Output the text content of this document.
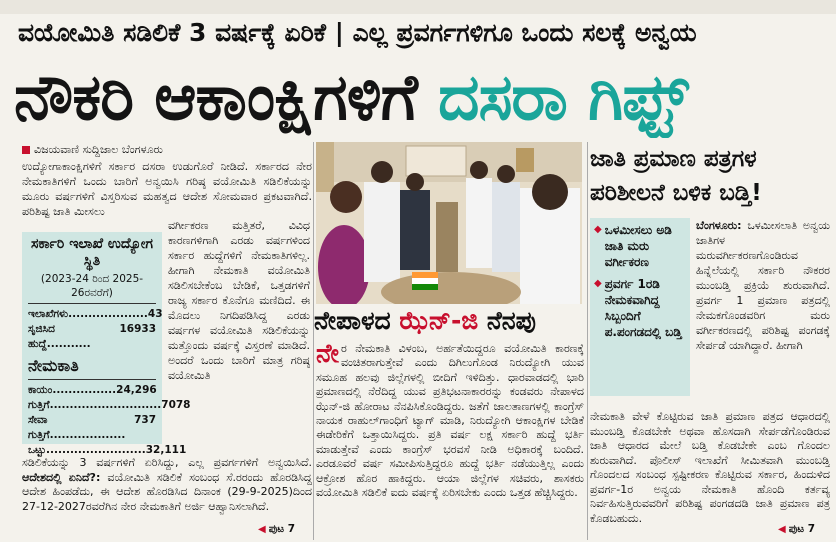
ವಯೋಮಿತಿ ಸಡಿಲಿಕೆ 3 ವರ್ಷಕ್ಕೆ ಏರಿಕೆ | ಎಲ್ಲ ಪ್ರವರ್ಗಗಳಿಗೂ ಒಂದು ಸಲಕ್ಕೆ ಅನ್ವಯ
ನೌಕರಿ ಆಕಾಂಕ್ಷಿಗಳಿಗೆ ದಸರಾ ಗಿಫ್ಟ್
ವಿಜಯವಾಣಿ ಸುದ್ದಿಜಾಲ ಬೆಂಗಳೂರು
ಉದ್ಯೋಗಾಕಾಂಕ್ಷಿಗಳಿಗೆ ಸರ್ಕಾರ ದಸರಾ ಉಡುಗೊರೆ ನೀಡಿದೆ. ಸರ್ಕಾರದ ನೇರ ನೇಮಕಾತಿಗಳಿಗೆ ಒಂದು ಬಾರಿಗೆ ಅನ್ವಯಿಸಿ ಗರಿಷ್ಠ ವಯೋಮಿತಿ ಸಡಿಲಿಕೆಯನ್ನು ಮೂರು ವರ್ಷಗಳಿಗೆ ವಿಸ್ತರಿಸುವ ಮಹತ್ವದ ಆದೇಶ ಸೋಮವಾರ ಪ್ರಕಟವಾಗಿದೆ. ಪರಿಶಿಷ್ಟ ಜಾತಿ ಮೀಸಲು
ಸರ್ಕಾರಿ ಇಲಾಖೆ ಉದ್ಯೋಗ ಸ್ಥಿತಿ
(2023-24 ರಿಂದ 2025-26ರವರೆಗೆ)
ಇಲಾಖೆಗಳು.................... 43
ಸೃಜಿಸಿದ ಹುದ್ದೆ...........
16933
ನೇಮಕಾತಿ
ಕಾಯಂ................ 24,296
ಗುತ್ತಿಗೆ............................ 7078
ಸೇವಾ ಗುತ್ತಿಗೆ...................
737
ಒಟ್ಟು......................... 32,111
ವರ್ಗೀಕರಣ ಮತ್ತಿತರೆ, ವಿವಿಧ ಕಾರಣಗಳಿಗಾಗಿ ಎರಡು ವರ್ಷಗಳಿಂದ ಸರ್ಕಾರ ಹುದ್ದೆಗಳಿಗೆ ನೇಮಕಾತಿಗಳಿಲ್ಲ. ಹೀಗಾಗಿ ನೇಮಕಾತಿ ವಯೋಮಿತಿ ಸಡಿಲಿಸಬೇಕೆಂಬ ಬೇಡಿಕೆ, ಒತ್ತಡಗಳಿಗೆ ರಾಜ್ಯ ಸರ್ಕಾರ ಕೊನೆಗೂ ಮಣಿದಿದೆ. ಈ ಮೊದಲು ನಿಗದಿಪಡಿಸಿದ್ದ ಎರಡು ವರ್ಷಗಳ ವಯೋಮಿತಿ ಸಡಿಲಿಕೆಯನ್ನು ಮತ್ತೊಂದು ವರ್ಷಕ್ಕೆ ವಿಸ್ತರಣೆ ಮಾಡಿದೆ. ಅಂದರೆ ಒಂದು ಬಾರಿಗೆ ಮಾತ್ರ ಗರಿಷ್ಠ ವಯೋಮಿತಿ
ಸಡಿಲಿಕೆಯನ್ನು 3 ವರ್ಷಗಳಿಗೆ ಏರಿಸಿದ್ದು, ಎಲ್ಲ ಪ್ರವರ್ಗಗಳಿಗೆ ಅನ್ವಯಿಸಿದೆ. ಆದೇಶದಲ್ಲಿ ಏನಿದೆ?: ವಯೋಮಿತಿ ಸಡಿಲಿಕೆ ಸಂಬಂಧ ಸೆ.ರರಂದು ಹೊರಡಿಸಿದ್ದ ಆದೇಶ ಹಿಂಪಡೆದು, ಈ ಆದೇಶ ಹೊರಡಿಸಿದ ದಿನಾಂಕ (29-9-2025)ದಿಂದ 27-12-2027ರವರೆಗಿನ ನೇರ ನೇಮಕಾತಿಗೆ ಅರ್ಜಿ ಆಹ್ವಾನಿಸಲಾಗಿದೆ.
◀ ಪುಟ 7
ನೇಪಾಳದ ಝೆನ್-ಜಿ ನೆನಪು
ನೇ ರ ನೇಮಕಾತಿ ವಿಳಂಬ, ಅರ್ಹತೆಯಿದ್ದರೂ ವಯೋಮಿತಿ ಕಾರಣಕ್ಕೆ ವಂಚಿತರಾಗುತ್ತೇವೆ ಎಂದು ದಿಗಿಲುಗೊಂಡ ನಿರುದ್ಯೋಗಿ ಯುವ ಸಮೂಹ ಹಲವು ಜಿಲ್ಲೆಗಳಲ್ಲಿ ಬೀದಿಗೆ ಇಳಿದಿತ್ತು. ಧಾರವಾಡದಲ್ಲಿ ಭಾರಿ ಪ್ರಮಾಣದಲ್ಲಿ ನೆರೆದಿದ್ದ ಯುವ ಪ್ರತಿಭಟನಾಕಾರರನ್ನು ಕಂಡವರು ನೇಪಾಳದ ಝೆನ್-ಜಿ ಹೋರಾಟ ನೆನಪಿಸಿಕೊಂಡಿದ್ದರು. ಜತೆಗೆ ಜಾಲತಾಣಗಳಲ್ಲಿ ಕಾಂಗ್ರೆಸ್ ನಾಯಕ ರಾಹುಲ್‌ಗಾಂಧಿಗೆ ಟ್ಯಾಗ್ ಮಾಡಿ, ನಿರುದ್ಯೋಗಿ ಆಕಾಂಕ್ಷಿಗಳ ಬೇಡಿಕೆ ಈಡೇರಿಕೆಗೆ ಒತ್ತಾಯಿಸಿದ್ದರು. ಪ್ರತಿ ವರ್ಷ ಲಕ್ಷ ಸರ್ಕಾರಿ ಹುದ್ದೆ ಭರ್ತಿ ಮಾಡುತ್ತೇವೆ ಎಂದು ಕಾಂಗ್ರೆಸ್ ಭರವಸೆ ನೀಡಿ ಅಧಿಕಾರಕ್ಕೆ ಬಂದಿದೆ. ಎರಡೂವರೆ ವರ್ಷ ಸಮೀಪಿಸುತ್ತಿದ್ದರೂ ಹುದ್ದೆ ಭರ್ತಿ ನಡೆಯುತ್ತಿಲ್ಲ ಎಂದು ಆಕ್ರೋಶ ಹೊರ ಹಾಕಿದ್ದರು. ಆಯಾ ಜಿಲ್ಲೆಗಳ ಸಚಿವರು, ಶಾಸಕರು ವಯೋಮಿತಿ ಸಡಿಲಿಕೆ ಐದು ವರ್ಷಕ್ಕೆ ಏರಿಸಬೇಕು ಎಂದು ಒತ್ತಡ ಹೆಚ್ಚಿಸಿದ್ದರು.
ಜಾತಿ ಪ್ರಮಾಣ ಪತ್ರಗಳ
ಪರಿಶೀಲನೆ ಬಳಿಕ ಬಡ್ತಿ!
◆ ಒಳಮೀಸಲು ಅಡಿ ಜಾತಿ ಮರು ವರ್ಗೀಕರಣ
◆ ಪ್ರವರ್ಗ 1ರಡಿ ನೇಮಕವಾಗಿದ್ದ ಸಿಬ್ಬಂದಿಗೆ ಪ.ಪಂಗಡದಲ್ಲಿ ಬಡ್ತಿ
ಬೆಂಗಳೂರು: ಒಳಮೀಸಲಾತಿ ಅನ್ವಯ ಜಾತಿಗಳ ಮರುವರ್ಗೀಕರಣಗೊಂಡಿರುವ ಹಿನ್ನೆಲೆಯಲ್ಲಿ ಸರ್ಕಾರಿ ನೌಕರರ ಮುಂಬಡ್ತಿ ಪ್ರಕ್ರಿಯೆ ಶುರುವಾಗಿದೆ. ಪ್ರವರ್ಗ 1 ಪ್ರಮಾಣ ಪತ್ರದಲ್ಲಿ ನೇಮಕಗೊಂಡವರಿಗ ಮರು ವರ್ಗೀಕರಣದಲ್ಲಿ ಪರಿಶಿಷ್ಟ ಪಂಗಡಕ್ಕೆ ಸೇರ್ಪಡೆ ಯಾಗಿದ್ದಾರೆ. ಹೀಗಾಗಿ
ನೇಮಕಾತಿ ವೇಳೆ ಕೊಟ್ಟಿರುವ ಜಾತಿ ಪ್ರಮಾಣ ಪತ್ರದ ಆಧಾರದಲ್ಲಿ ಮುಂಬಡ್ತಿ ಕೊಡಬೇಕೇ ಅಥವಾ ಹೊಸದಾಗಿ ಸೇರ್ಪಡೆಗೊಂಡಿರುವ ಜಾತಿ ಆಧಾರದ ಮೇಲೆ ಬಡ್ತಿ ಕೊಡಬೇಕೇ ಎಂಬ ಗೊಂದಲ ಶುರುವಾಗಿದೆ. ಪೊಲೀಸ್ ಇಲಾಖೆಗೆ ಸೀಮಿತವಾಗಿ ಮುಂಬಡ್ತಿ ಗೊಂದಲದ ಸಂಬಂಧ ಸ್ಪಷ್ಟೀಕರಣ ಕೊಟ್ಟಿರುವ ಸರ್ಕಾರ, ಹಿಂದುಳಿದ ಪ್ರವರ್ಗ-1ರ ಅನ್ವಯ ನೇಮಕಾತಿ ಹೊಂದಿ ಕರ್ತವ್ಯ ನಿರ್ವಹಿಸುತ್ತಿರುವವರಿಗೆ ಪರಿಶಿಷ್ಟ ಪಂಗಡದಡಿ ಜಾತಿ ಪ್ರಮಾಣ ಪತ್ರ ಕೊಡಬಹುದು.
◀ ಪುಟ 7
